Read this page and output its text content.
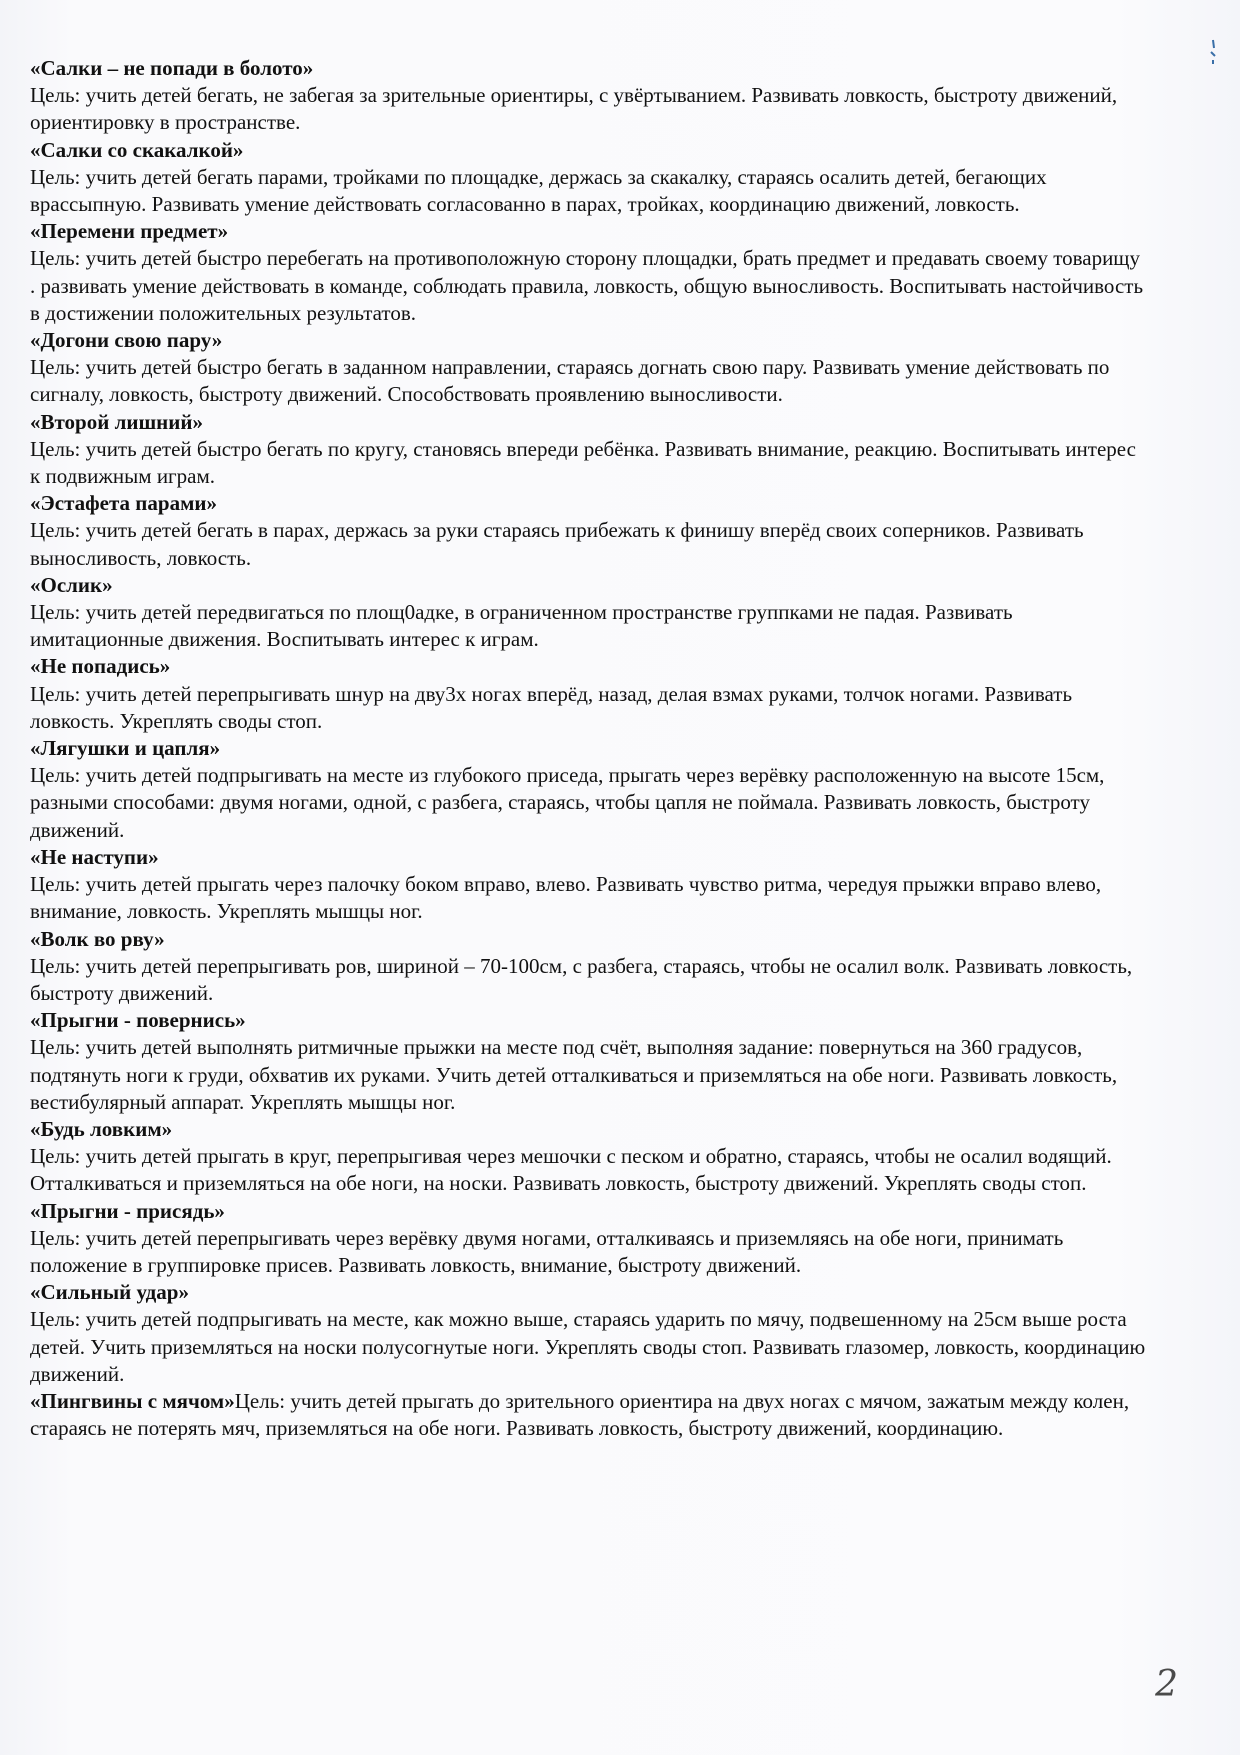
«Салки – не попади в болото»
Цель: учить детей бегать, не забегая за зрительные ориентиры, с увёртыванием. Развивать ловкость, быстроту движений, ориентировку в пространстве.
«Салки со скакалкой»
Цель: учить детей бегать парами, тройками по площадке, держась за скакалку, стараясь осалить детей, бегающих врассыпную. Развивать умение действовать согласованно в парах, тройках, координацию движений, ловкость.
«Перемени предмет»
Цель: учить детей быстро перебегать на противоположную сторону площадки, брать предмет и предавать своему товарищу . развивать умение действовать в команде, соблюдать правила, ловкость, общую выносливость. Воспитывать настойчивость в достижении положительных результатов.
«Догони свою пару»
Цель: учить детей быстро бегать в заданном направлении, стараясь догнать свою пару. Развивать умение действовать по сигналу, ловкость, быстроту движений. Способствовать проявлению выносливости.
«Второй лишний»
Цель: учить детей быстро бегать по кругу, становясь впереди ребёнка. Развивать внимание, реакцию. Воспитывать интерес к подвижным играм.
«Эстафета парами»
Цель: учить детей бегать в парах, держась за руки стараясь прибежать к финишу вперёд своих соперников. Развивать выносливость, ловкость.
«Ослик»
Цель: учить детей передвигаться по площ0адке, в ограниченном пространстве группками не падая. Развивать имитационные движения. Воспитывать интерес к играм.
«Не попадись»
Цель: учить детей перепрыгивать шнур на дву3х ногах вперёд, назад, делая взмах руками, толчок ногами. Развивать ловкость. Укреплять своды стоп.
«Лягушки и цапля»
Цель: учить детей подпрыгивать на месте из глубокого приседа, прыгать через верёвку расположенную на высоте 15см, разными способами: двумя ногами, одной, с разбега, стараясь, чтобы цапля не поймала. Развивать ловкость, быстроту движений.
«Не наступи»
Цель: учить детей прыгать через палочку боком вправо, влево. Развивать чувство ритма, чередуя прыжки вправо влево, внимание, ловкость. Укреплять мышцы ног.
«Волк во рву»
Цель: учить детей перепрыгивать ров, шириной – 70-100см, с разбега, стараясь, чтобы не осалил волк. Развивать ловкость, быстроту движений.
«Прыгни - повернись»
Цель: учить детей выполнять ритмичные прыжки на месте под счёт, выполняя задание: повернуться на 360 градусов, подтянуть ноги к груди, обхватив их руками. Учить детей отталкиваться и приземляться на обе ноги. Развивать ловкость, вестибулярный аппарат. Укреплять мышцы ног.
«Будь ловким»
Цель: учить детей прыгать в круг, перепрыгивая через мешочки с песком и обратно, стараясь, чтобы не осалил водящий. Отталкиваться и приземляться на обе ноги, на носки. Развивать ловкость, быстроту движений. Укреплять своды стоп.
«Прыгни - присядь»
Цель: учить детей перепрыгивать через верёвку двумя ногами, отталкиваясь и приземляясь на обе ноги, принимать положение в группировке присев. Развивать ловкость, внимание, быстроту движений.
«Сильный удар»
Цель: учить детей подпрыгивать на месте, как можно выше, стараясь ударить по мячу, подвешенному на 25см выше роста детей. Учить приземляться на носки полусогнутые ноги. Укреплять своды стоп. Развивать глазомер, ловкость, координацию движений.
«Пингвины с мячом»Цель: учить детей прыгать до зрительного ориентира на двух ногах с мячом, зажатым между колен, стараясь не потерять мяч, приземляться на обе ноги. Развивать ловкость, быстроту движений, координацию.
2
